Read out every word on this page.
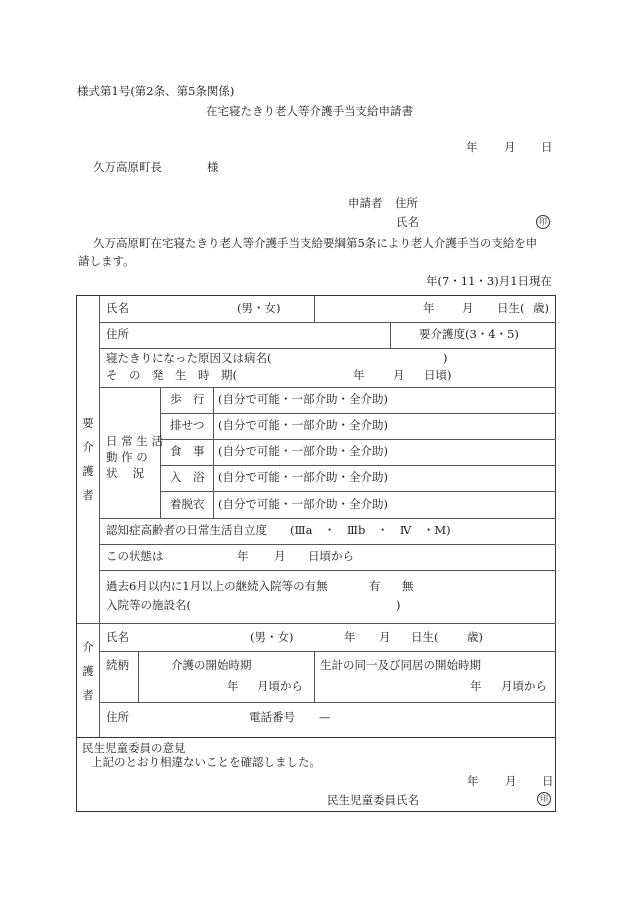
様式第1号(第2条、第5条関係)
在宅寝たきり老人等介護手当支給申請書
年 月 日
久万高原町長	様
申請者 住所
氏名	印
久万高原町在宅寝たきり老人等介護手当支給要綱第5条により老人介護手当の支給を申
請します。
年(7・11・3)月1日現在
要
介
護
者
氏名	(男・女)	年 月 日生( 歳)
住所	要介護度(3・4・5)
寝たきりになった原因又は病名(	)
そ　の　発　生　時　期(	年 月 日頃)
日 常 生 活
動 作 の
状　 況
歩　行 (自分で可能・一部介助・全介助)
排せつ (自分で可能・一部介助・全介助)
食　事 (自分で可能・一部介助・全介助)
入　浴 (自分で可能・一部介助・全介助)
着脱衣 (自分で可能・一部介助・全介助)
認知症高齢者の日常生活自立度　　(Ⅲa　・　Ⅲb　・　Ⅳ　・M)
この状態は	年 月 日頃から
過去6月以内に1月以上の継続入院等の有無	有 無
入院等の施設名(	)
介
護
者
氏名	(男・女)	年 月 日生( 歳)
続柄	介護の開始時期
年 月頃から
生計の同一及び同居の開始時期
年 月頃から
住所	電話番号 —
民生児童委員の意見
上記のとおり相違ないことを確認しました。
年 月 日
民生児童委員氏名	印
